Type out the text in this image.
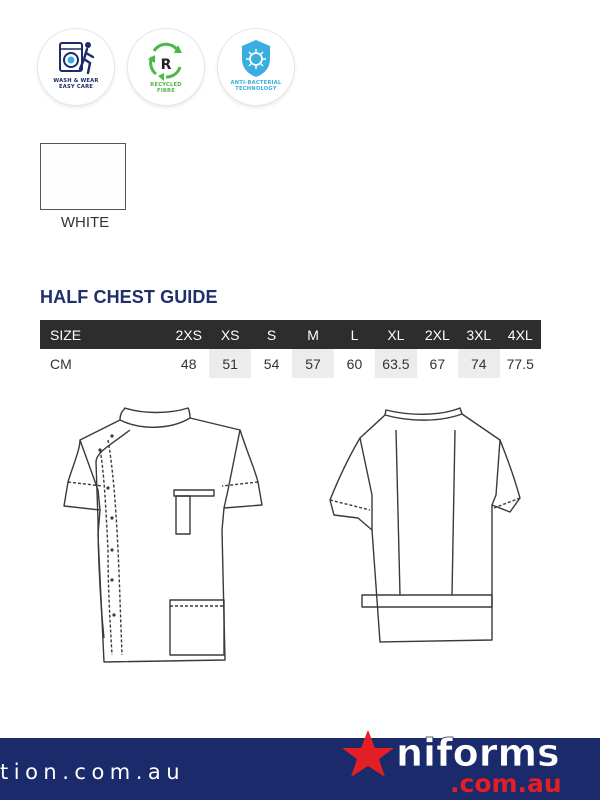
WASH & WEAR
EASY CARE
R
RECYCLED
FIBRE
ANTI-BACTERIAL
TECHNOLOGY
WHITE
HALF CHEST GUIDE
SIZE	2XS	XS	S	M	L	XL	2XL	3XL	4XL
CM	48	51	54	57	60	63.5	67	74	77.5
tion.com.au	niforms
.com.au
